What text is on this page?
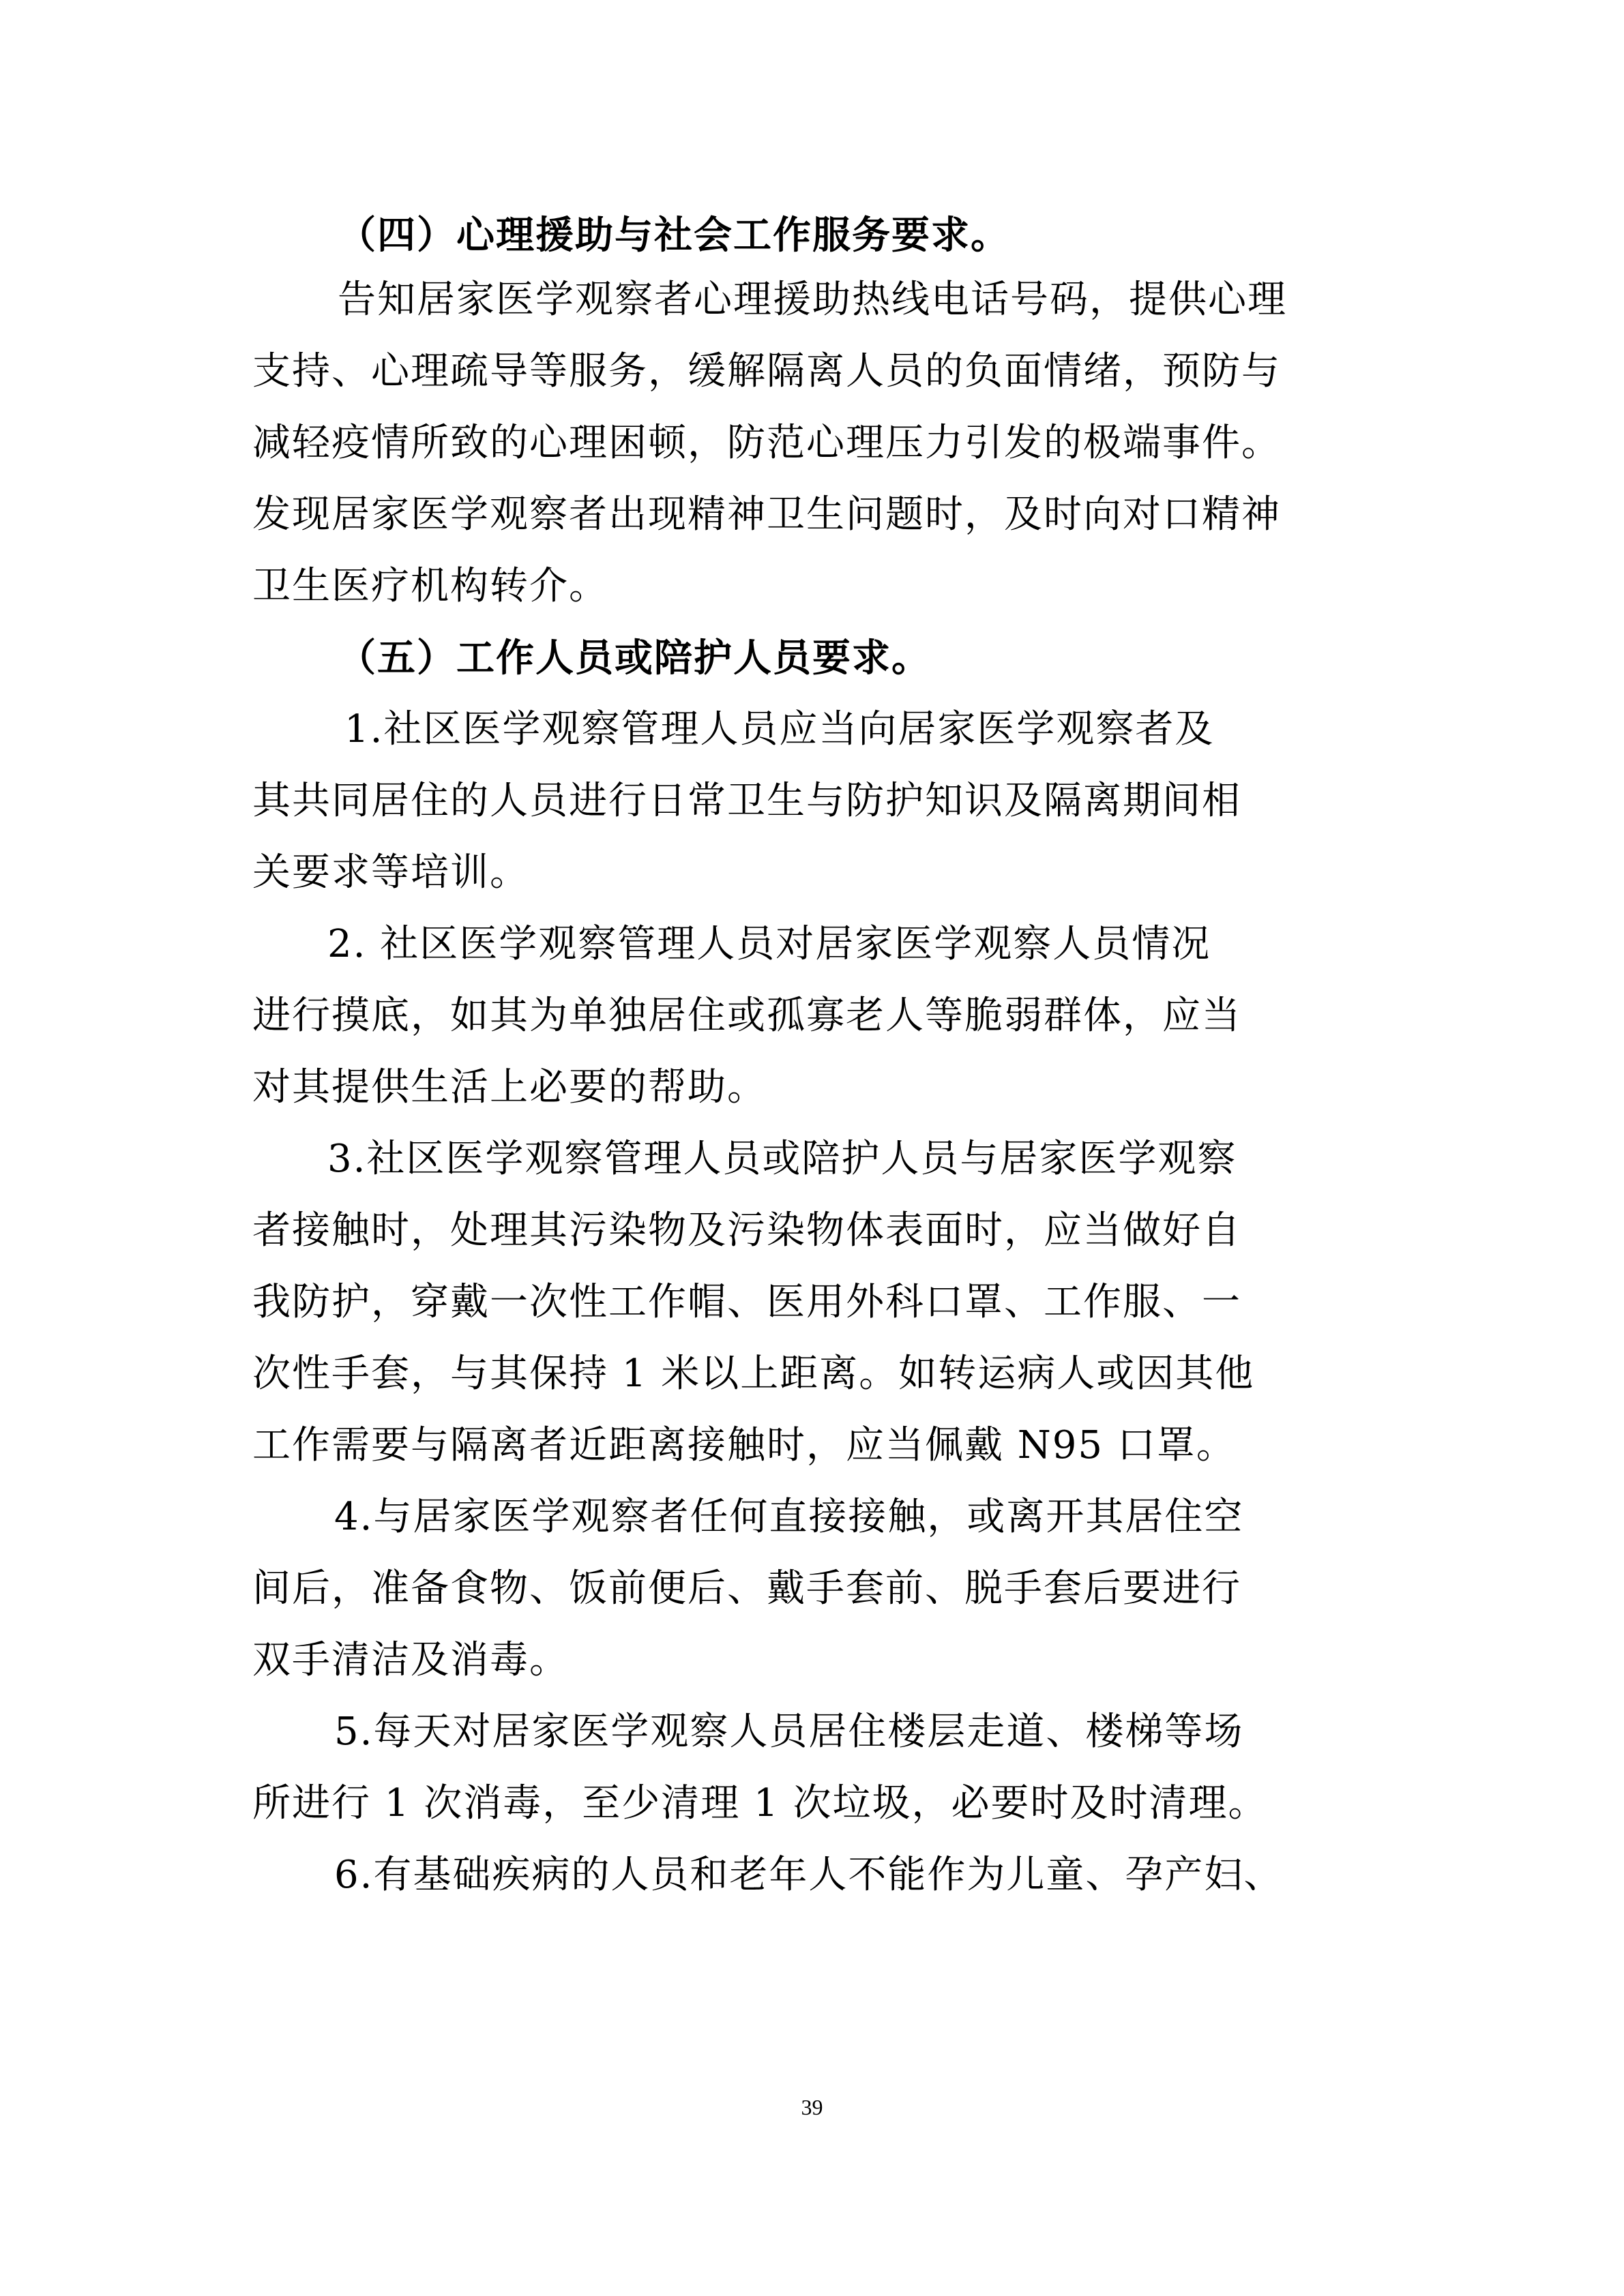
（四）心理援助与社会工作服务要求。
告知居家医学观察者心理援助热线电话号码，提供心理
支持、心理疏导等服务，缓解隔离人员的负面情绪，预防与
减轻疫情所致的心理困顿，防范心理压力引发的极端事件。
发现居家医学观察者出现精神卫生问题时，及时向对口精神
卫生医疗机构转介。
（五）工作人员或陪护人员要求。
1.社区医学观察管理人员应当向居家医学观察者及
其共同居住的人员进行日常卫生与防护知识及隔离期间相
关要求等培训。
2. 社区医学观察管理人员对居家医学观察人员情况
进行摸底，如其为单独居住或孤寡老人等脆弱群体，应当
对其提供生活上必要的帮助。
3.社区医学观察管理人员或陪护人员与居家医学观察
者接触时，处理其污染物及污染物体表面时，应当做好自
我防护，穿戴一次性工作帽、医用外科口罩、工作服、一
次性手套，与其保持 1 米以上距离。如转运病人或因其他
工作需要与隔离者近距离接触时，应当佩戴 N95 口罩。
4.与居家医学观察者任何直接接触，或离开其居住空
间后，准备食物、饭前便后、戴手套前、脱手套后要进行
双手清洁及消毒。
5.每天对居家医学观察人员居住楼层走道、楼梯等场
所进行 1 次消毒，至少清理 1 次垃圾，必要时及时清理。
6.有基础疾病的人员和老年人不能作为儿童、孕产妇、
39
